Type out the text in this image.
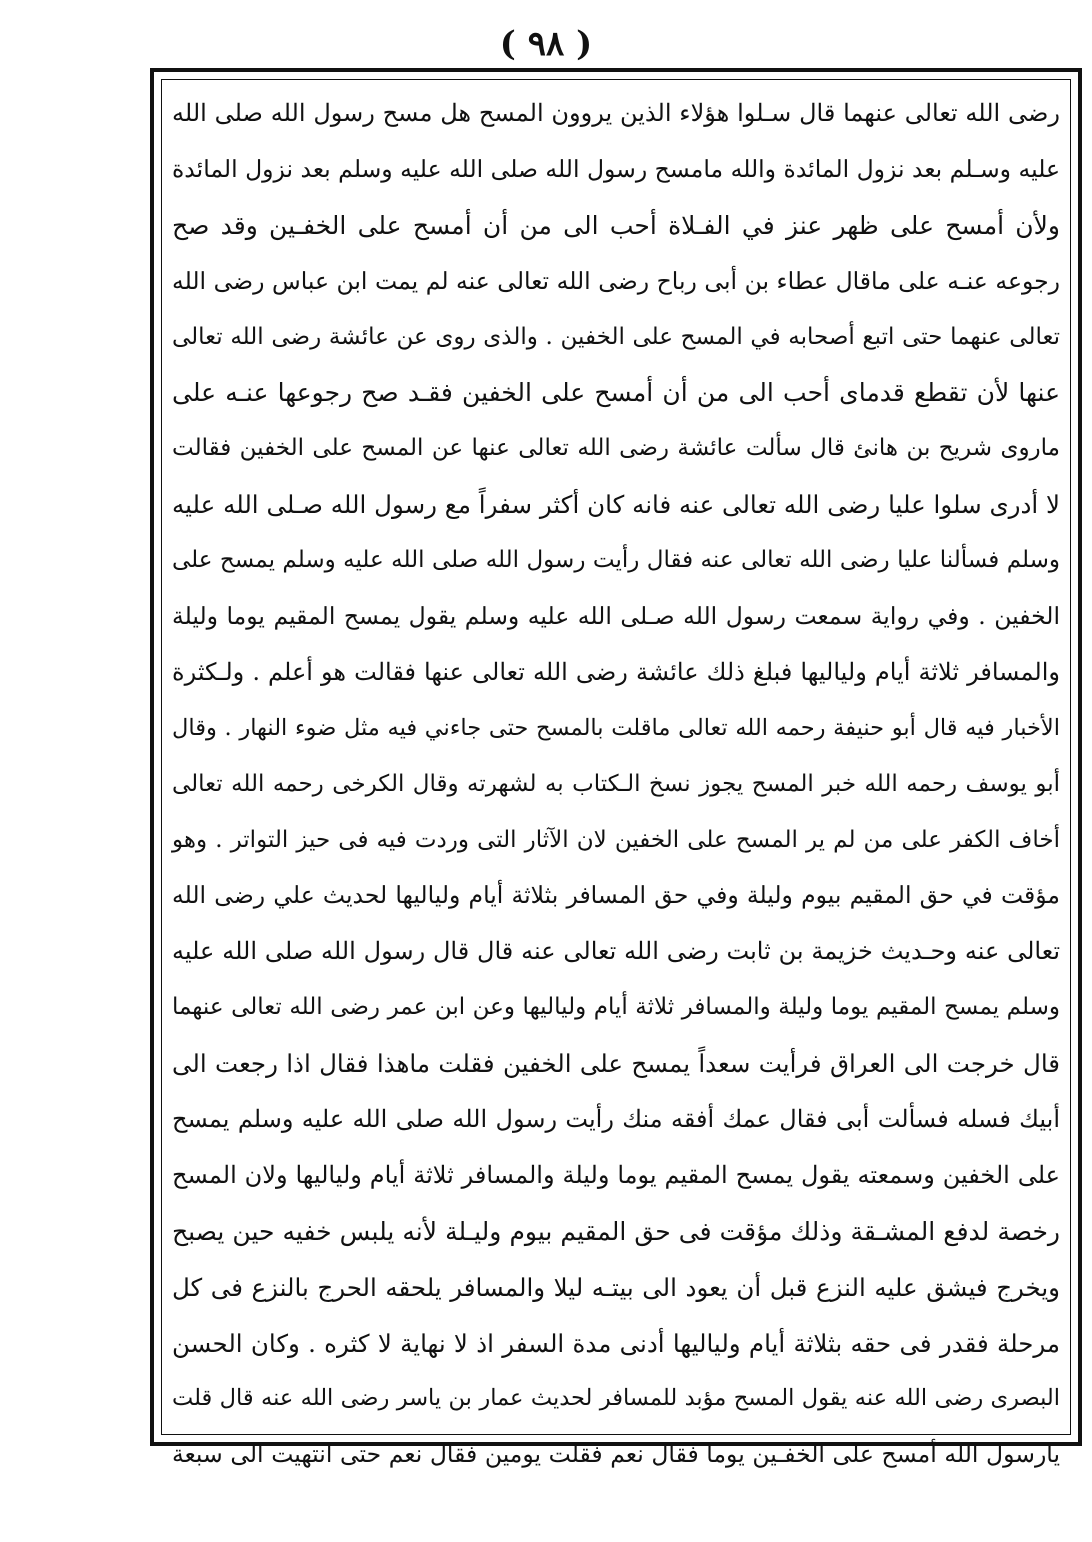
( ٩٨ )
رضى الله تعالى عنهما قال سـلوا هؤلاء الذين يروون المسح هل مسح رسول الله صلى الله
عليه وسـلم بعد نزول المائدة والله مامسح رسول الله صلى الله عليه وسلم بعد نزول المائدة
ولأن أمسح على ظهر عنز في الفـلاة أحب الى من أن أمسح على الخفـين وقد صح
رجوعه عنـه على ماقال عطاء بن أبى رباح رضى الله تعالى عنه لم يمت ابن عباس رضى الله
تعالى عنهما حتى اتبع أصحابه في المسح على الخفين . والذى روى عن عائشة رضى الله تعالى
عنها لأن تقطع قدماى أحب الى من أن أمسح على الخفين فقـد صح رجوعها عنـه على
ماروى شريح بن هانئ قال سألت عائشة رضى الله تعالى عنها عن المسح على الخفين فقالت
لا أدرى سلوا عليا رضى الله تعالى عنه فانه كان أكثر سفراً مع رسول الله صـلى الله عليه
وسلم فسألنا عليا رضى الله تعالى عنه فقال رأيت رسول الله صلى الله عليه وسلم يمسح على
الخفين . وفي رواية سمعت رسول الله صـلى الله عليه وسلم يقول يمسح المقيم يوما وليلة
والمسافر ثلاثة أيام ولياليها فبلغ ذلك عائشة رضى الله تعالى عنها فقالت هو أعلم . ولـكثرة
الأخبار فيه قال أبو حنيفة رحمه الله تعالى ماقلت بالمسح حتى جاءني فيه مثل ضوء النهار . وقال
أبو يوسف رحمه الله خبر المسح يجوز نسخ الـكتاب به لشهرته وقال الكرخى رحمه الله تعالى
أخاف الكفر على من لم ير المسح على الخفين لان الآثار التى وردت فيه فى حيز التواتر . وهو
مؤقت في حق المقيم بيوم وليلة وفي حق المسافر بثلاثة أيام ولياليها لحديث علي رضى الله
تعالى عنه وحـديث خزيمة بن ثابت رضى الله تعالى عنه قال قال رسول الله صلى الله عليه
وسلم يمسح المقيم يوما وليلة والمسافر ثلاثة أيام ولياليها وعن ابن عمر رضى الله تعالى عنهما
قال خرجت الى العراق فرأيت سعداً يمسح على الخفين فقلت ماهذا فقال اذا رجعت الى
أبيك فسله فسألت أبى فقال عمك أفقه منك رأيت رسول الله صلى الله عليه وسلم يمسح
على الخفين وسمعته يقول يمسح المقيم يوما وليلة والمسافر ثلاثة أيام ولياليها ولان المسح
رخصة لدفع المشـقة وذلك مؤقت فى حق المقيم بيوم وليـلة لأنه يلبس خفيه حين يصبح
ويخرج فيشق عليه النزع قبل أن يعود الى بيتـه ليلا والمسافر يلحقه الحرج بالنزع فى كل
مرحلة فقدر فى حقه بثلاثة أيام ولياليها أدنى مدة السفر اذ لا نهاية لا كثره . وكان الحسن
البصرى رضى الله عنه يقول المسح مؤبد للمسافر لحديث عمار بن ياسر رضى الله عنه قال قلت
يارسول الله أمسح على الخفـين يوما فقال نعم فقلت يومين فقال نعم حتى انتهيت الى سبعة
